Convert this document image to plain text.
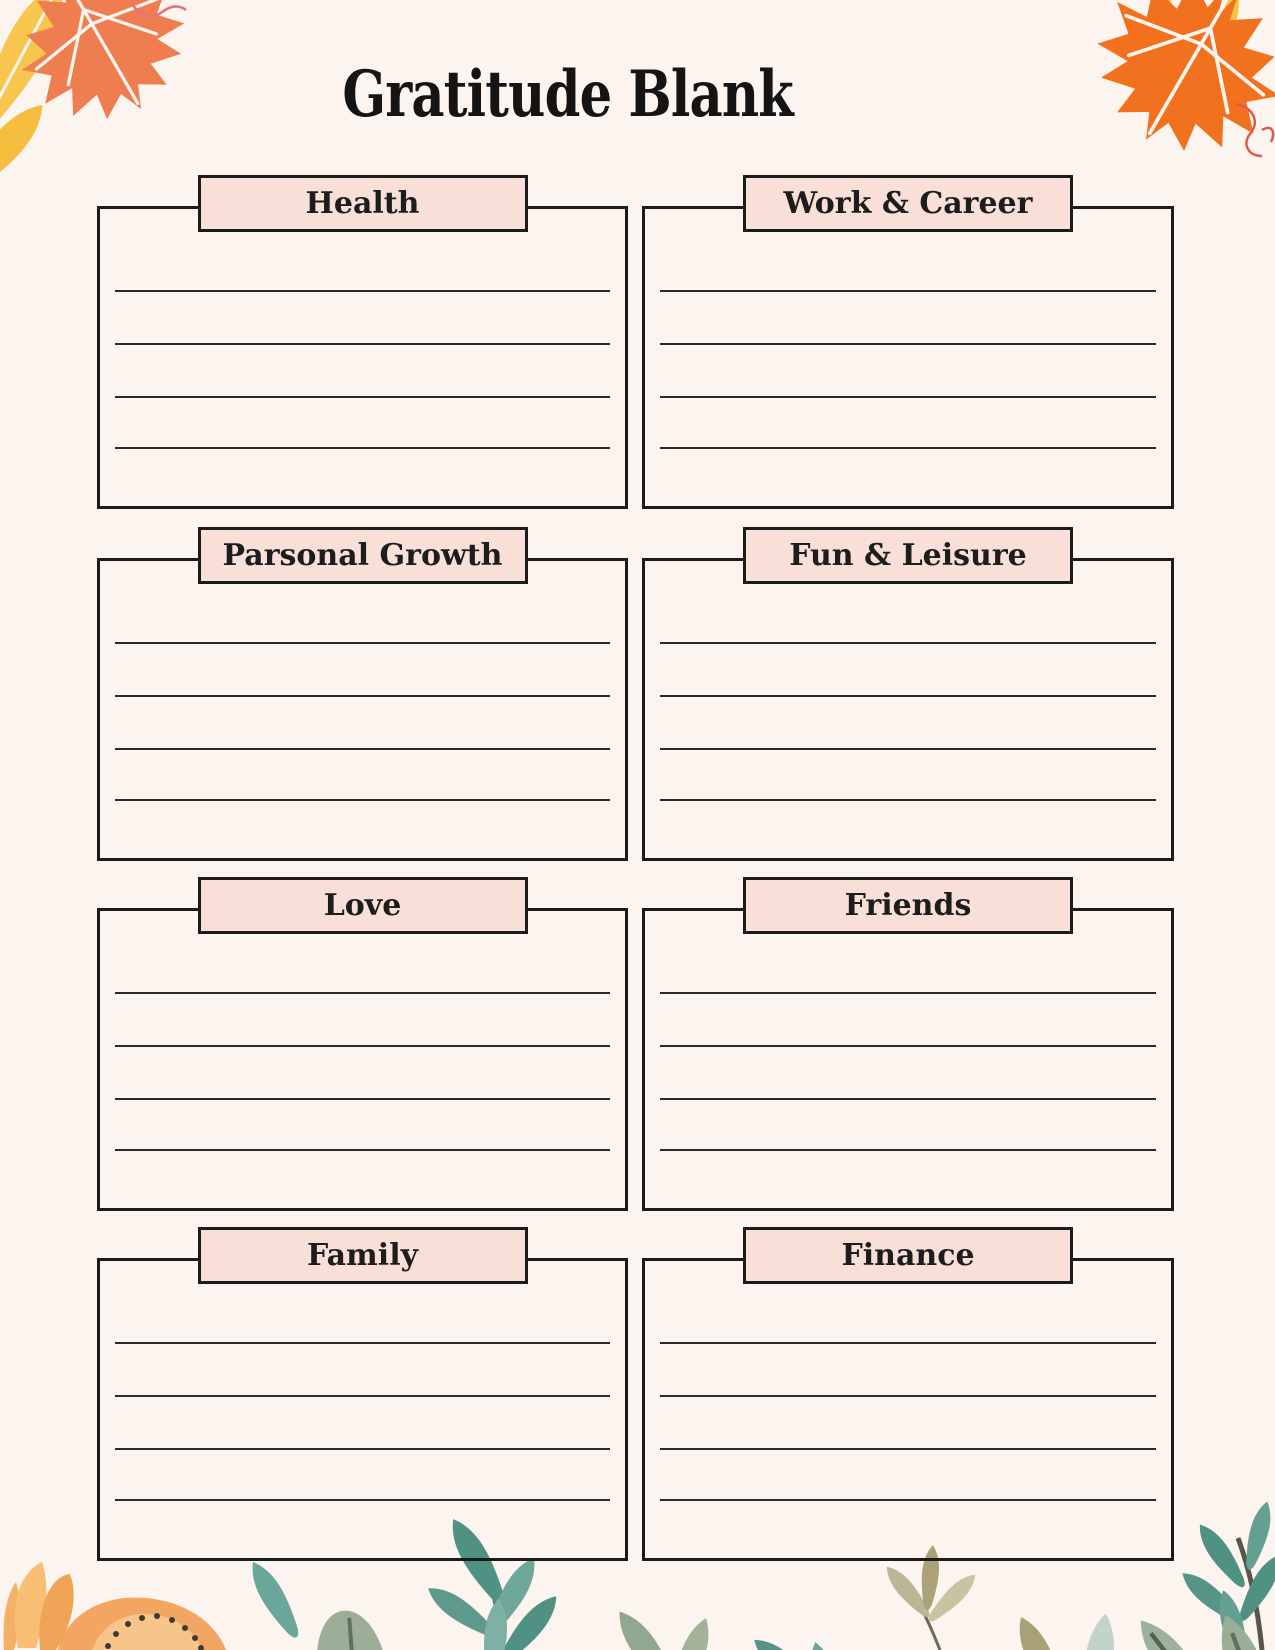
Gratitude Blank
Health	Work & Career
Parsonal Growth	Fun & Leisure
Love	Friends
Family	Finance
